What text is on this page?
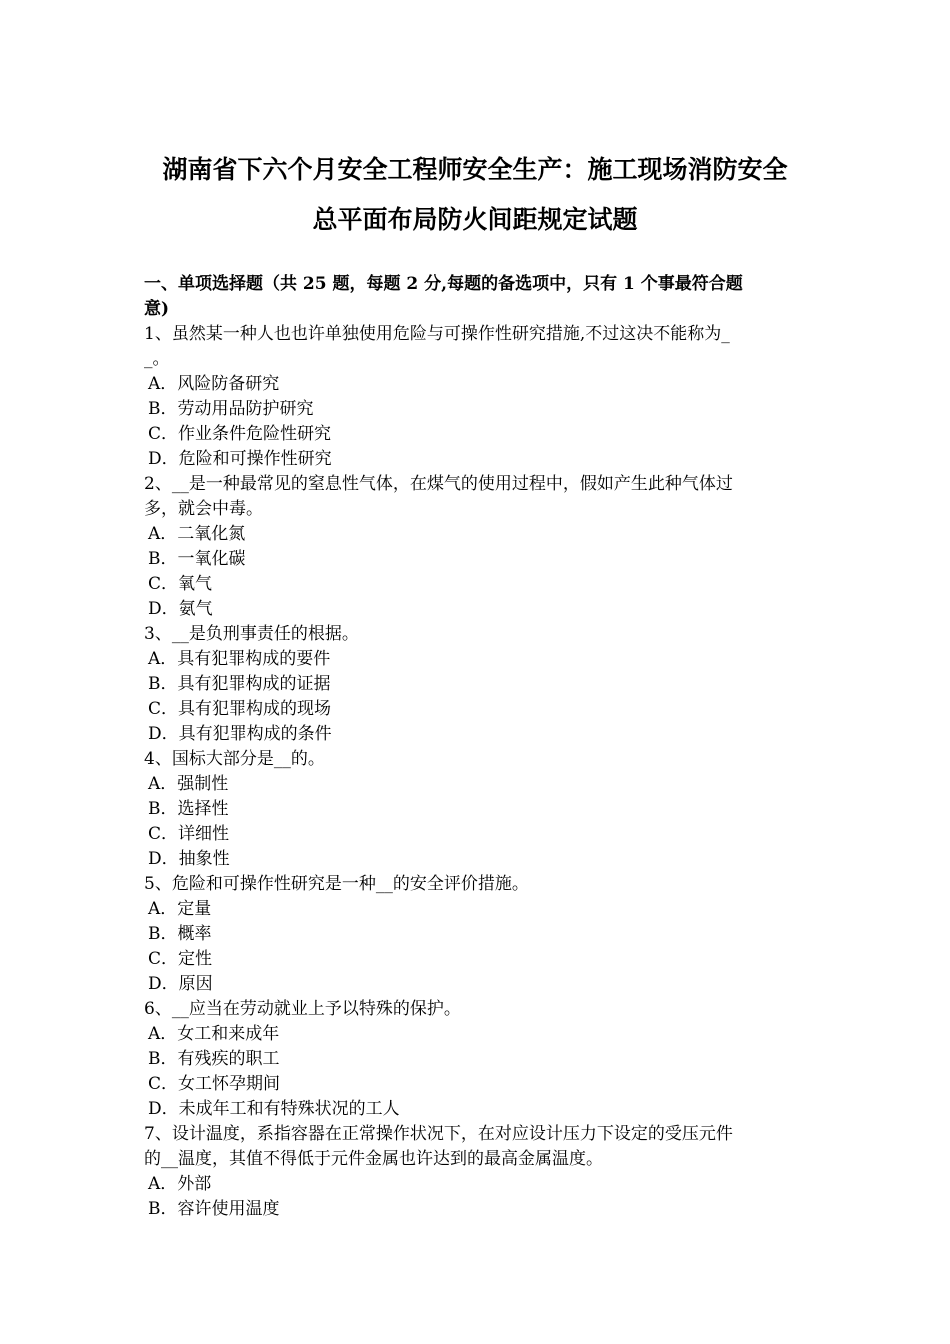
湖南省下六个月安全工程师安全生产：施工现场消防安全
总平面布局防火间距规定试题
一、单项选择题（共 25 题，每题 2 分,每题的备选项中，只有 1 个事最符合题
意)
1、虽然某一种人也也许单独使用危险与可操作性研究措施,不过这决不能称为_
_。
A．风险防备研究
B．劳动用品防护研究
C．作业条件危险性研究
D．危险和可操作性研究
2、__是一种最常见的窒息性气体，在煤气的使用过程中，假如产生此种气体过
多，就会中毒。
A．二氧化氮
B．一氧化碳
C．氧气
D．氨气
3、__是负刑事责任的根据。
A．具有犯罪构成的要件
B．具有犯罪构成的证据
C．具有犯罪构成的现场
D．具有犯罪构成的条件
4、国标大部分是__的。
A．强制性
B．选择性
C．详细性
D．抽象性
5、危险和可操作性研究是一种__的安全评价措施。
A．定量
B．概率
C．定性
D．原因
6、__应当在劳动就业上予以特殊的保护。
A．女工和来成年
B．有残疾的职工
C．女工怀孕期间
D．未成年工和有特殊状况的工人
7、设计温度，系指容器在正常操作状况下，在对应设计压力下设定的受压元件
的__温度，其值不得低于元件金属也许达到的最高金属温度。
A．外部
B．容许使用温度
